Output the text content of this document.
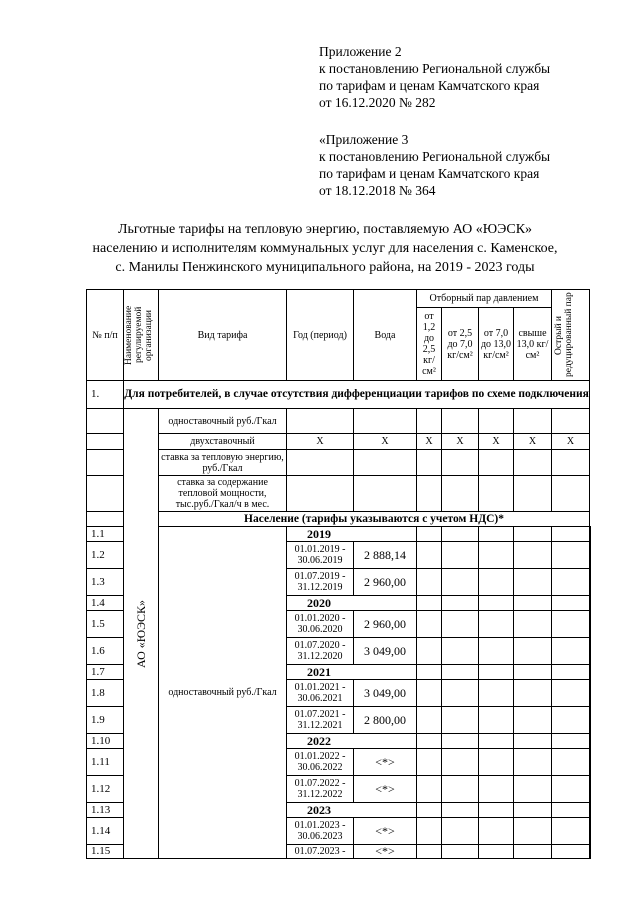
Приложение 2
к постановлению Региональной службы
по тарифам и ценам Камчатского края
от 16.12.2020 № 282
«Приложение 3
к постановлению Региональной службы
по тарифам и ценам Камчатского края
от 18.12.2018 № 364
Льготные тарифы на тепловую энергию, поставляемую АО «ЮЭСК»
населению и исполнителям коммунальных услуг для населения с. Каменское,
с. Манилы Пенжинского муниципального района, на 2019 - 2023 годы
№ п/п	Наименование регулируемой организации	Вид тарифа	Год (период)	Вода	Отборный пар давлением				Острый и редуцированный пар	

					от 1,2 до 2,5 кг/см²	от 2,5 до 7,0 кг/см²	от 7,0 до 13,0 кг/см²	свыше 13,0 кг/см²		
1.	Для потребителей, в случае отсутствия дифференциации тарифов по схеме подключения									

	АО «ЮЭСК»	одноставочный руб./Гкал								
		двухставочный	Х	Х	Х	Х	Х	Х	Х	
		ставка за тепловую энергию, руб./Гкал								
		ставка за содержание тепловой мощности, тыс.руб./Гкал/ч в мес.								
		Население (тарифы указываются с учетом НДС)*								
1.1		одноставочный руб./Гкал	2019							
1.2			01.01.2019 - 30.06.2019	2 888,14						
1.3			01.07.2019 - 31.12.2019	2 960,00						
1.4			2020							
1.5			01.01.2020 - 30.06.2020	2 960,00						
1.6			01.07.2020 - 31.12.2020	3 049,00						
1.7			2021							
1.8			01.01.2021 - 30.06.2021	3 049,00						
1.9			01.07.2021 - 31.12.2021	2 800,00						
1.10			2022							
1.11			01.01.2022 - 30.06.2022	<*>						
1.12			01.07.2022 - 31.12.2022	<*>						
1.13			2023							
1.14			01.01.2023 - 30.06.2023	<*>						
1.15			01.07.2023 -	<*>						
